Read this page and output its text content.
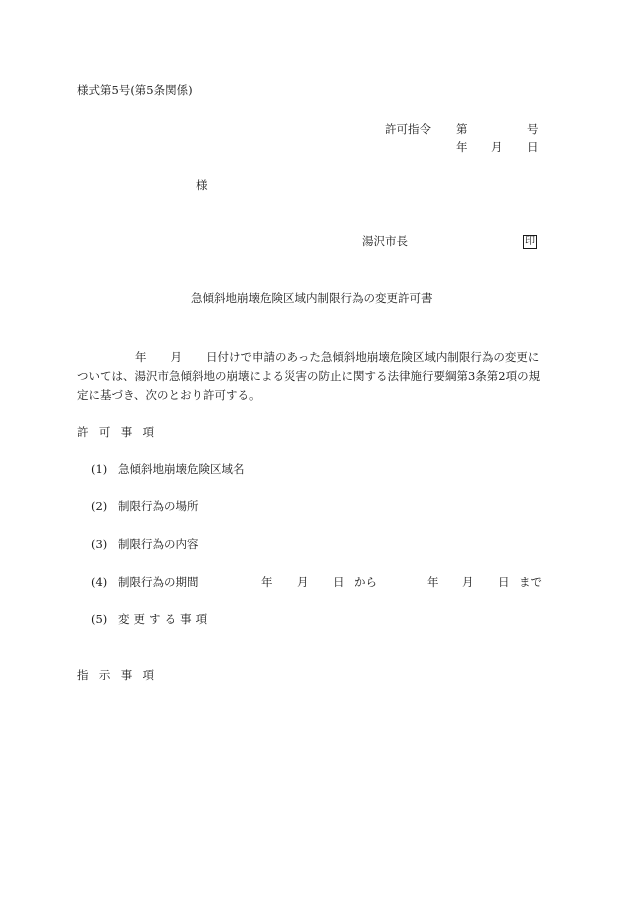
様式第5号(第5条関係)
許可指令 第	号
年 月 日
様
湯沢市長	印
急傾斜地崩壊危険区域内制限行為の変更許可書
年 月 日付けで申請のあった急傾斜地崩壊危険区域内制限行為の変更に
ついては、湯沢市急傾斜地の崩壊による災害の防止に関する法律施行要綱第3条第2項の規
定に基づき、次のとおり許可する。
許可事項
(1) 急傾斜地崩壊危険区域名
(2) 制限行為の場所
(3) 制限行為の内容
(4) 制限行為の期間	年 月 日 から	年 月 日 まで
(5) 変更する事項
指示事項
